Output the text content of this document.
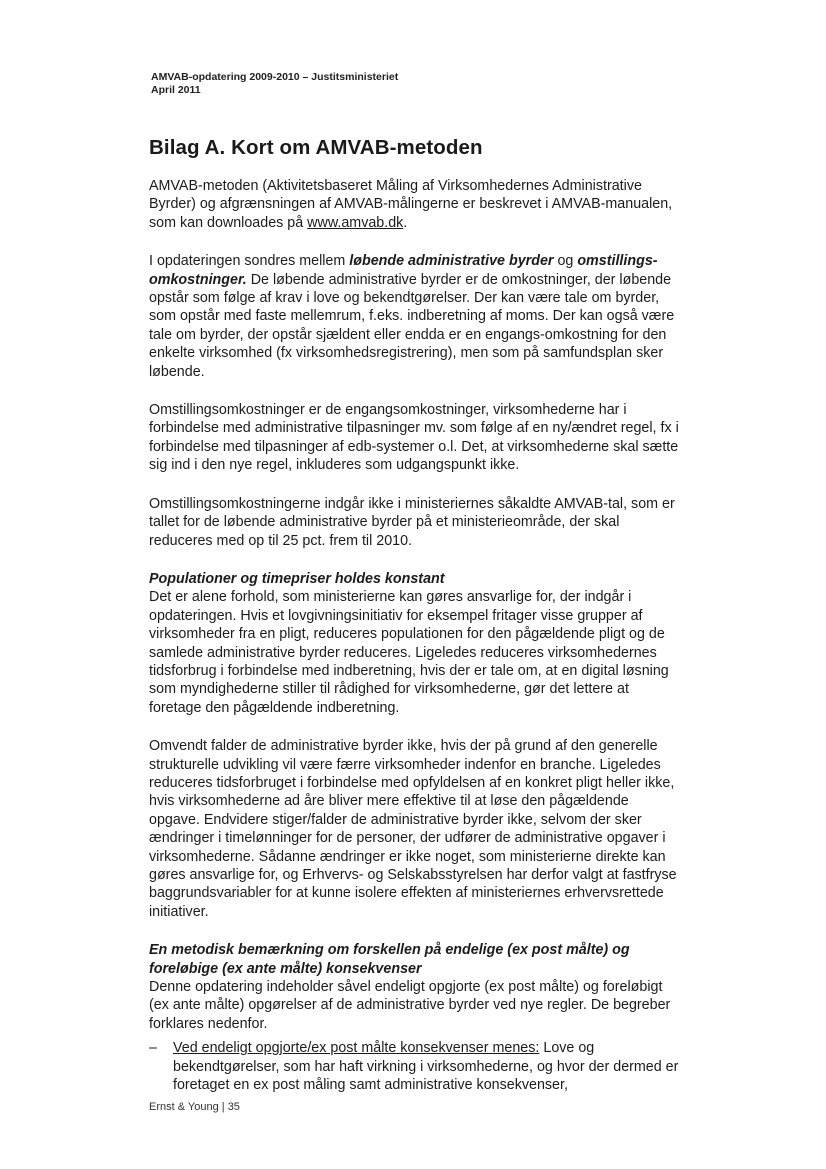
AMVAB-opdatering 2009-2010 – Justitsministeriet
April 2011
Bilag A. Kort om AMVAB-metoden

AMVAB-metoden (Aktivitetsbaseret Måling af Virksomhedernes Administrative Byrder) og afgrænsningen af AMVAB-målingerne er beskrevet i AMVAB-manualen, som kan downloades på www.amvab.dk.

I opdateringen sondres mellem løbende administrative byrder og omstillings-omkostninger. De løbende administrative byrder er de omkostninger, der løbende opstår som følge af krav i love og bekendtgørelser. Der kan være tale om byrder, som opstår med faste mellemrum, f.eks. indberetning af moms. Der kan også være tale om byrder, der opstår sjældent eller endda er en engangs-omkostning for den enkelte virksomhed (fx virksomhedsregistrering), men som på samfundsplan sker løbende.

Omstillingsomkostninger er de engangsomkostninger, virksomhederne har i forbindelse med administrative tilpasninger mv. som følge af en ny/ændret regel, fx i forbindelse med tilpasninger af edb-systemer o.l. Det, at virksomhederne skal sætte sig ind i den nye regel, inkluderes som udgangspunkt ikke.

Omstillingsomkostningerne indgår ikke i ministeriernes såkaldte AMVAB-tal, som er tallet for de løbende administrative byrder på et ministerieområde, der skal reduceres med op til 25 pct. frem til 2010.

Populationer og timepriser holdes konstant

Det er alene forhold, som ministerierne kan gøres ansvarlige for, der indgår i opdateringen. Hvis et lovgivningsinitiativ for eksempel fritager visse grupper af virksomheder fra en pligt, reduceres populationen for den pågældende pligt og de samlede administrative byrder reduceres. Ligeledes reduceres virksomhedernes tidsforbrug i forbindelse med indberetning, hvis der er tale om, at en digital løsning som myndighederne stiller til rådighed for virksomhederne, gør det lettere at foretage den pågældende indberetning.

Omvendt falder de administrative byrder ikke, hvis der på grund af den generelle strukturelle udvikling vil være færre virksomheder indenfor en branche. Ligeledes reduceres tidsforbruget i forbindelse med opfyldelsen af en konkret pligt heller ikke, hvis virksomhederne ad åre bliver mere effektive til at løse den pågældende opgave. Endvidere stiger/falder de administrative byrder ikke, selvom der sker ændringer i timelønninger for de personer, der udfører de administrative opgaver i virksomhederne. Sådanne ændringer er ikke noget, som ministerierne direkte kan gøres ansvarlige for, og Erhvervs- og Selskabsstyrelsen har derfor valgt at fastfryse baggrundsvariabler for at kunne isolere effekten af ministeriernes erhvervsrettede initiativer.

En metodisk bemærkning om forskellen på endelige (ex post målte) og foreløbige (ex ante målte) konsekvenser

Denne opdatering indeholder såvel endeligt opgjorte (ex post målte) og foreløbigt (ex ante målte) opgørelser af de administrative byrder ved nye regler. De begreber forklares nedenfor.

–	Ved endeligt opgjorte/ex post målte konsekvenser menes: Love og bekendtgørelser, som har haft virkning i virksomhederne, og hvor der dermed er foretaget en ex post måling samt administrative konsekvenser,
Ernst & Young | 35
